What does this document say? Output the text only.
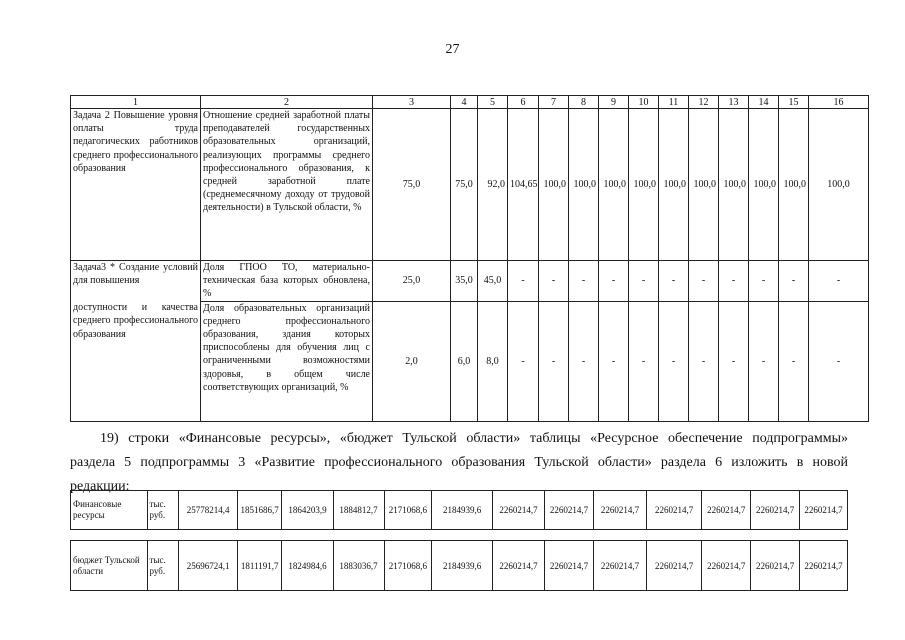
27
1	2	3	4	5	6	7	8	9	10	11	12	13	14	15	16
Задача 2 Повышение уровня оплаты труда педагогических работников среднего профессионального образования	Отношение средней заработной платы преподавателей государственных образовательных организаций, реализующих программы среднего профессионального образования, к средней заработной плате (среднемесячному доходу от трудовой деятельности) в Тульской области, %	75,0	75,0	92,0	104,65	100,0	100,0	100,0	100,0	100,0	100,0	100,0	100,0	100,0	100,0
Задача3 * Создание условий для повышения	Доля ГПОО ТО, материально-техническая база которых обновлена, %	25,0	35,0	45,0	-	-	-	-	-	-	-	-	-	-	-
доступности и качества среднего профессионального образования	Доля образовательных организаций среднего профессионального образования, здания которых приспособлены для обучения лиц с ограниченными возможностями здоровья, в общем числе соответствующих организаций, %	2,0	6,0	8,0	-	-	-	-	-	-	-	-	-	-	-
19) строки «Финансовые ресурсы», «бюджет Тульской области» таблицы «Ресурсное обеспечение подпрограммы»
раздела 5 подпрограммы 3 «Развитие профессионального образования Тульской области» раздела 6 изложить в новой
редакции:
Финансовые ресурсы	тыс. руб.	25778214,4	1851686,7	1864203,9	1884812,7	2171068,6	2184939,6	2260214,7	2260214,7	2260214,7	2260214,7	2260214,7	2260214,7	2260214,7
бюджет Тульской области	тыс. руб.	25696724,1	1811191,7	1824984,6	1883036,7	2171068,6	2184939,6	2260214,7	2260214,7	2260214,7	2260214,7	2260214,7	2260214,7	2260214,7
